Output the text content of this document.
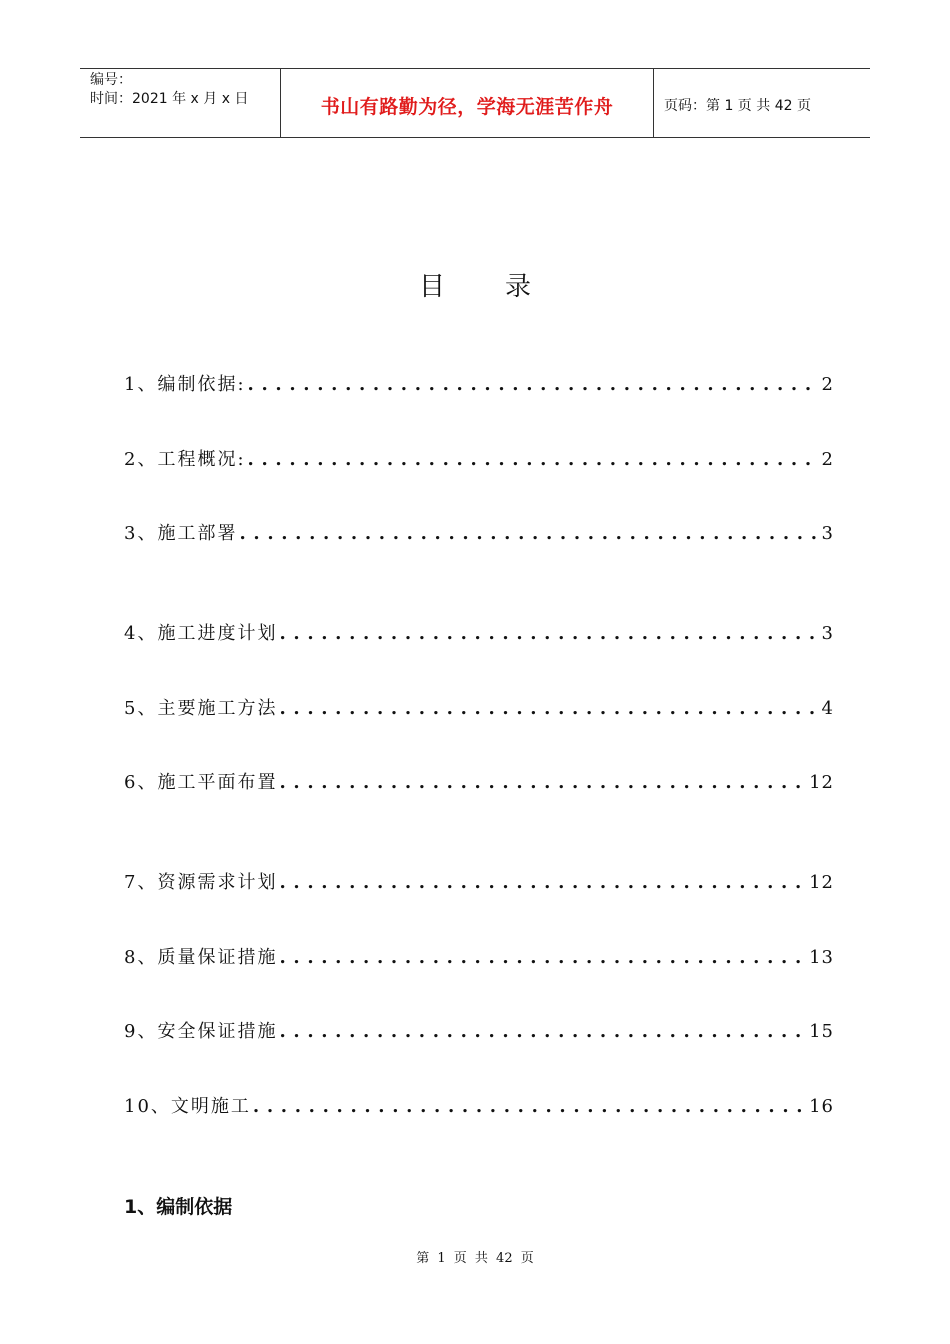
编号：
时间：2021 年 x 月 x 日	书山有路勤为径，学海无涯苦作舟	页码：第 1 页 共 42 页
目录
1、编制依据: . . .	2
2、工程概况: . . .	2
3、施工部署 . . .	3
4、施工进度计划 . . .	3
5、主要施工方法 . . .	4
6、施工平面布置 . . .	12
7、资源需求计划 . . .	12
8、质量保证措施 . . .	13
9、安全保证措施 . . .	15
10、文明施工 . . .	16
1、编制依据
第 1 页 共 42 页
